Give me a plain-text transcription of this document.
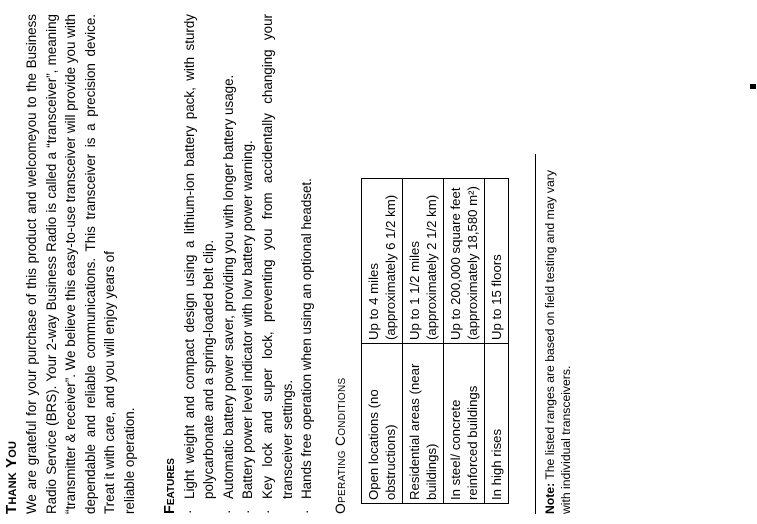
Thank You We are grateful for your purchase of this product and welcomeyou to the Business Radio Service (BRS). Your 2-way Business Radio is called a “transceiver”, meaning “transmitter & receiver”. We believe this easy-to-use transceiver will provide you with dependable and reliable communications. This transceiver is a precision device. Treat it with care, and you will enjoy years of reliable operation. Features ·
Light weight and compact design using a lithium-ion battery pack, with sturdy polycarbonate and a spring-loaded belt clip.
·
Automatic battery power saver, providing you with longer battery usage.
·
Battery power level indicator with low battery power warning.
·
Key lock and super lock, preventing you from accidentally changing your transceiver settings.
·
Hands free operation when using an optional headset. Operating Conditions Open locations (no obstructions)	Up to 4 miles (approximately 6 1/2 km)
Residential areas (near buildings)	Up to 1 1/2 miles (approximately 2 1/2 km)
In steel/ concrete reinforced buildings	Up to 200,000 square feet (approximately 18,580 m²)
In high rises	Up to 15 floors
Note: The listed ranges are based on field testing and may vary with individual transceivers.
